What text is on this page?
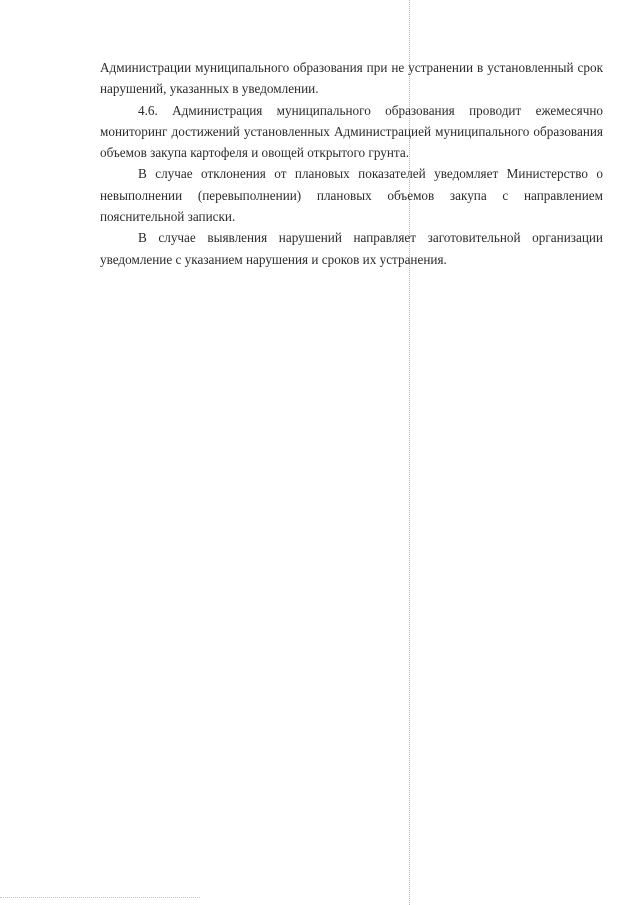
Администрации муниципального образования при не устранении в установленный срок нарушений, указанных в уведомлении.

4.6. Администрация муниципального образования проводит ежемесячно мониторинг достижений установленных Администрацией муниципального образования объемов закупа картофеля и овощей открытого грунта.

В случае отклонения от плановых показателей уведомляет Министерство о невыполнении (перевыполнении) плановых объемов закупа с направлением пояснительной записки.

В случае выявления нарушений направляет заготовительной организации уведомление с указанием нарушения и сроков их устранения.
